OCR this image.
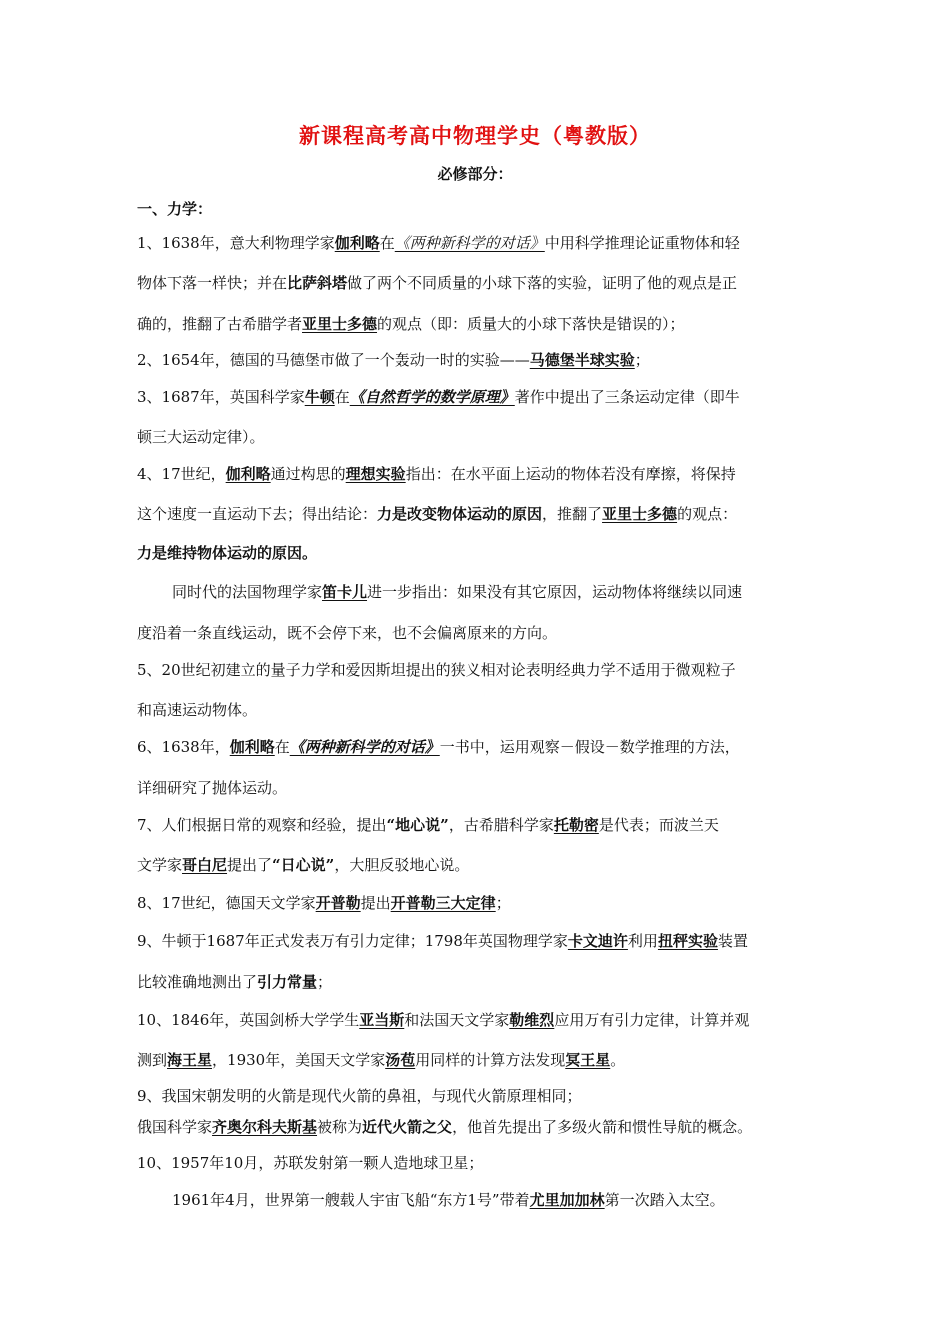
新课程高考高中物理学史（粤教版）
必修部分：
一、力学：
1、1638年，意大利物理学家伽利略在《两种新科学的对话》中用科学推理论证重物体和轻
物体下落一样快；并在比萨斜塔做了两个不同质量的小球下落的实验，证明了他的观点是正
确的，推翻了古希腊学者亚里士多德的观点（即：质量大的小球下落快是错误的）；
2、1654年，德国的马德堡市做了一个轰动一时的实验——马德堡半球实验；
3、1687年，英国科学家牛顿在《自然哲学的数学原理》著作中提出了三条运动定律（即牛
顿三大运动定律）。
4、17世纪，伽利略通过构思的理想实验指出：在水平面上运动的物体若没有摩擦，将保持
这个速度一直运动下去；得出结论：力是改变物体运动的原因，推翻了亚里士多德的观点：
力是维持物体运动的原因。
同时代的法国物理学家笛卡儿进一步指出：如果没有其它原因，运动物体将继续以同速
度沿着一条直线运动，既不会停下来，也不会偏离原来的方向。
5、20世纪初建立的量子力学和爱因斯坦提出的狭义相对论表明经典力学不适用于微观粒子
和高速运动物体。
6、1638年，伽利略在《两种新科学的对话》一书中，运用观察－假设－数学推理的方法，
详细研究了抛体运动。
7、人们根据日常的观察和经验，提出“地心说”，古希腊科学家托勒密是代表；而波兰天
文学家哥白尼提出了“日心说”，大胆反驳地心说。
8、17世纪，德国天文学家开普勒提出开普勒三大定律；
9、牛顿于1687年正式发表万有引力定律；1798年英国物理学家卡文迪许利用扭秤实验装置
比较准确地测出了引力常量；
10、1846年，英国剑桥大学学生亚当斯和法国天文学家勒维烈应用万有引力定律，计算并观
测到海王星，1930年，美国天文学家汤苞用同样的计算方法发现冥王星。
9、我国宋朝发明的火箭是现代火箭的鼻祖，与现代火箭原理相同；
俄国科学家齐奥尔科夫斯基被称为近代火箭之父，他首先提出了多级火箭和惯性导航的概念。
10、1957年10月，苏联发射第一颗人造地球卫星；
1961年4月，世界第一艘载人宇宙飞船“东方1号”带着尤里加加林第一次踏入太空。
